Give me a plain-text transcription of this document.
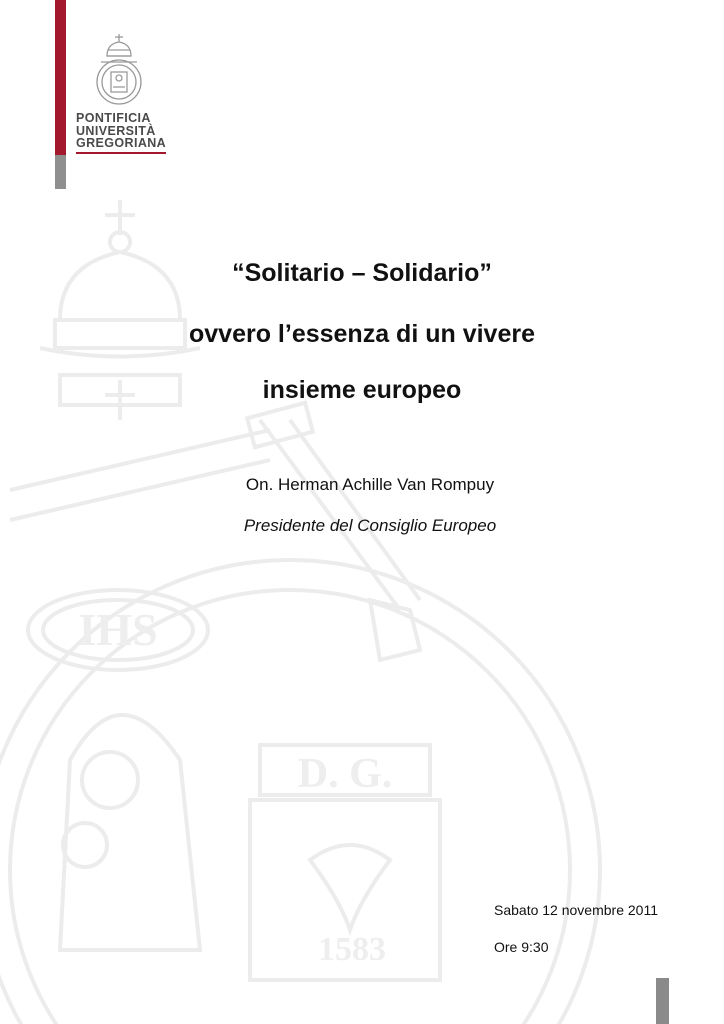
PONTIFICIA
UNIVERSITÀ
GREGORIANA
IHS
D. G.
1583
“Solitario – Solidario”
ovvero l’essenza di un vivere
insieme europeo
On. Herman Achille Van Rompuy
Presidente del Consiglio Europeo
Sabato 12 novembre 2011
Ore 9:30
